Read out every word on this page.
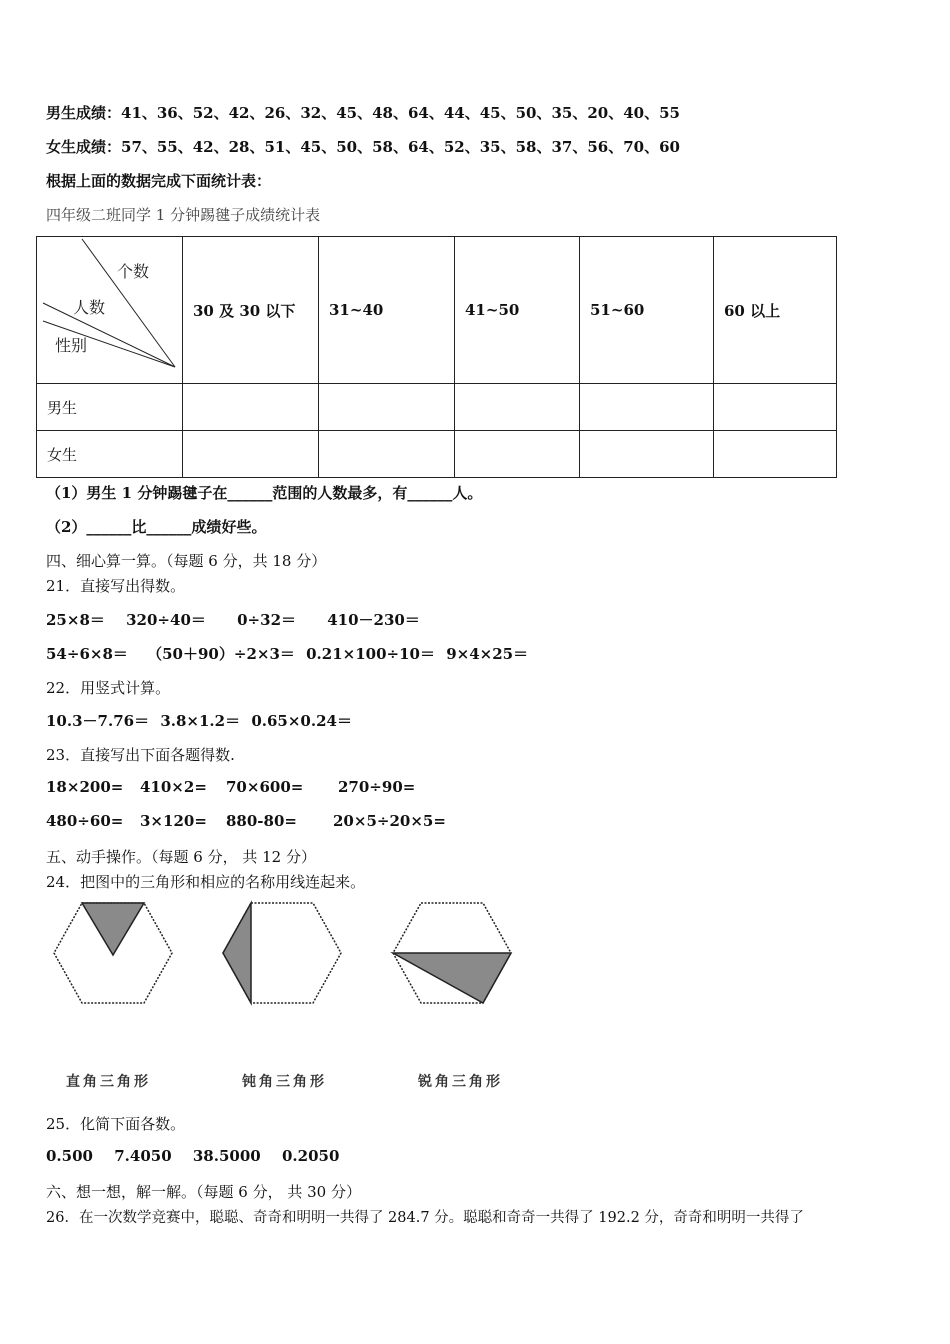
男生成绩：41、36、52、42、26、32、45、48、64、44、45、50、35、20、40、55
女生成绩：57、55、42、28、51、45、50、58、64、52、35、58、37、56、70、60
根据上面的数据完成下面统计表：
四年级二班同学 1 分钟踢毽子成绩统计表
个数
人数
性别	30 及 30 以下	31~40	41~50	51~60	60 以上
男生					
女生					
（1）男生 1 分钟踢毽子在______范围的人数最多，有______人。
（2）______比______成绩好些。
四、细心算一算。（每题 6 分，共 18 分）
21．直接写出得数。
25×8＝ 320÷40＝ 0÷32＝ 410－230＝
54÷6×8＝ （50＋90）÷2×3＝ 0.21×100÷10＝ 9×4×25＝
22．用竖式计算。
10.3－7.76＝ 3.8×1.2＝ 0.65×0.24＝
23．直接写出下面各题得数.
18×200= 410×2= 70×600= 270÷90=
480÷60= 3×120= 880-80= 20×5÷20×5=
五、动手操作。（每题 6 分， 共 12 分）
24．把图中的三角形和相应的名称用线连起来。
直角三角形	钝角三角形	锐角三角形
25．化简下面各数。
0.500 7.4050 38.5000 0.2050
六、想一想，解一解。（每题 6 分， 共 30 分）
26．在一次数学竞赛中，聪聪、奇奇和明明一共得了 284.7 分。聪聪和奇奇一共得了 192.2 分，奇奇和明明一共得了
